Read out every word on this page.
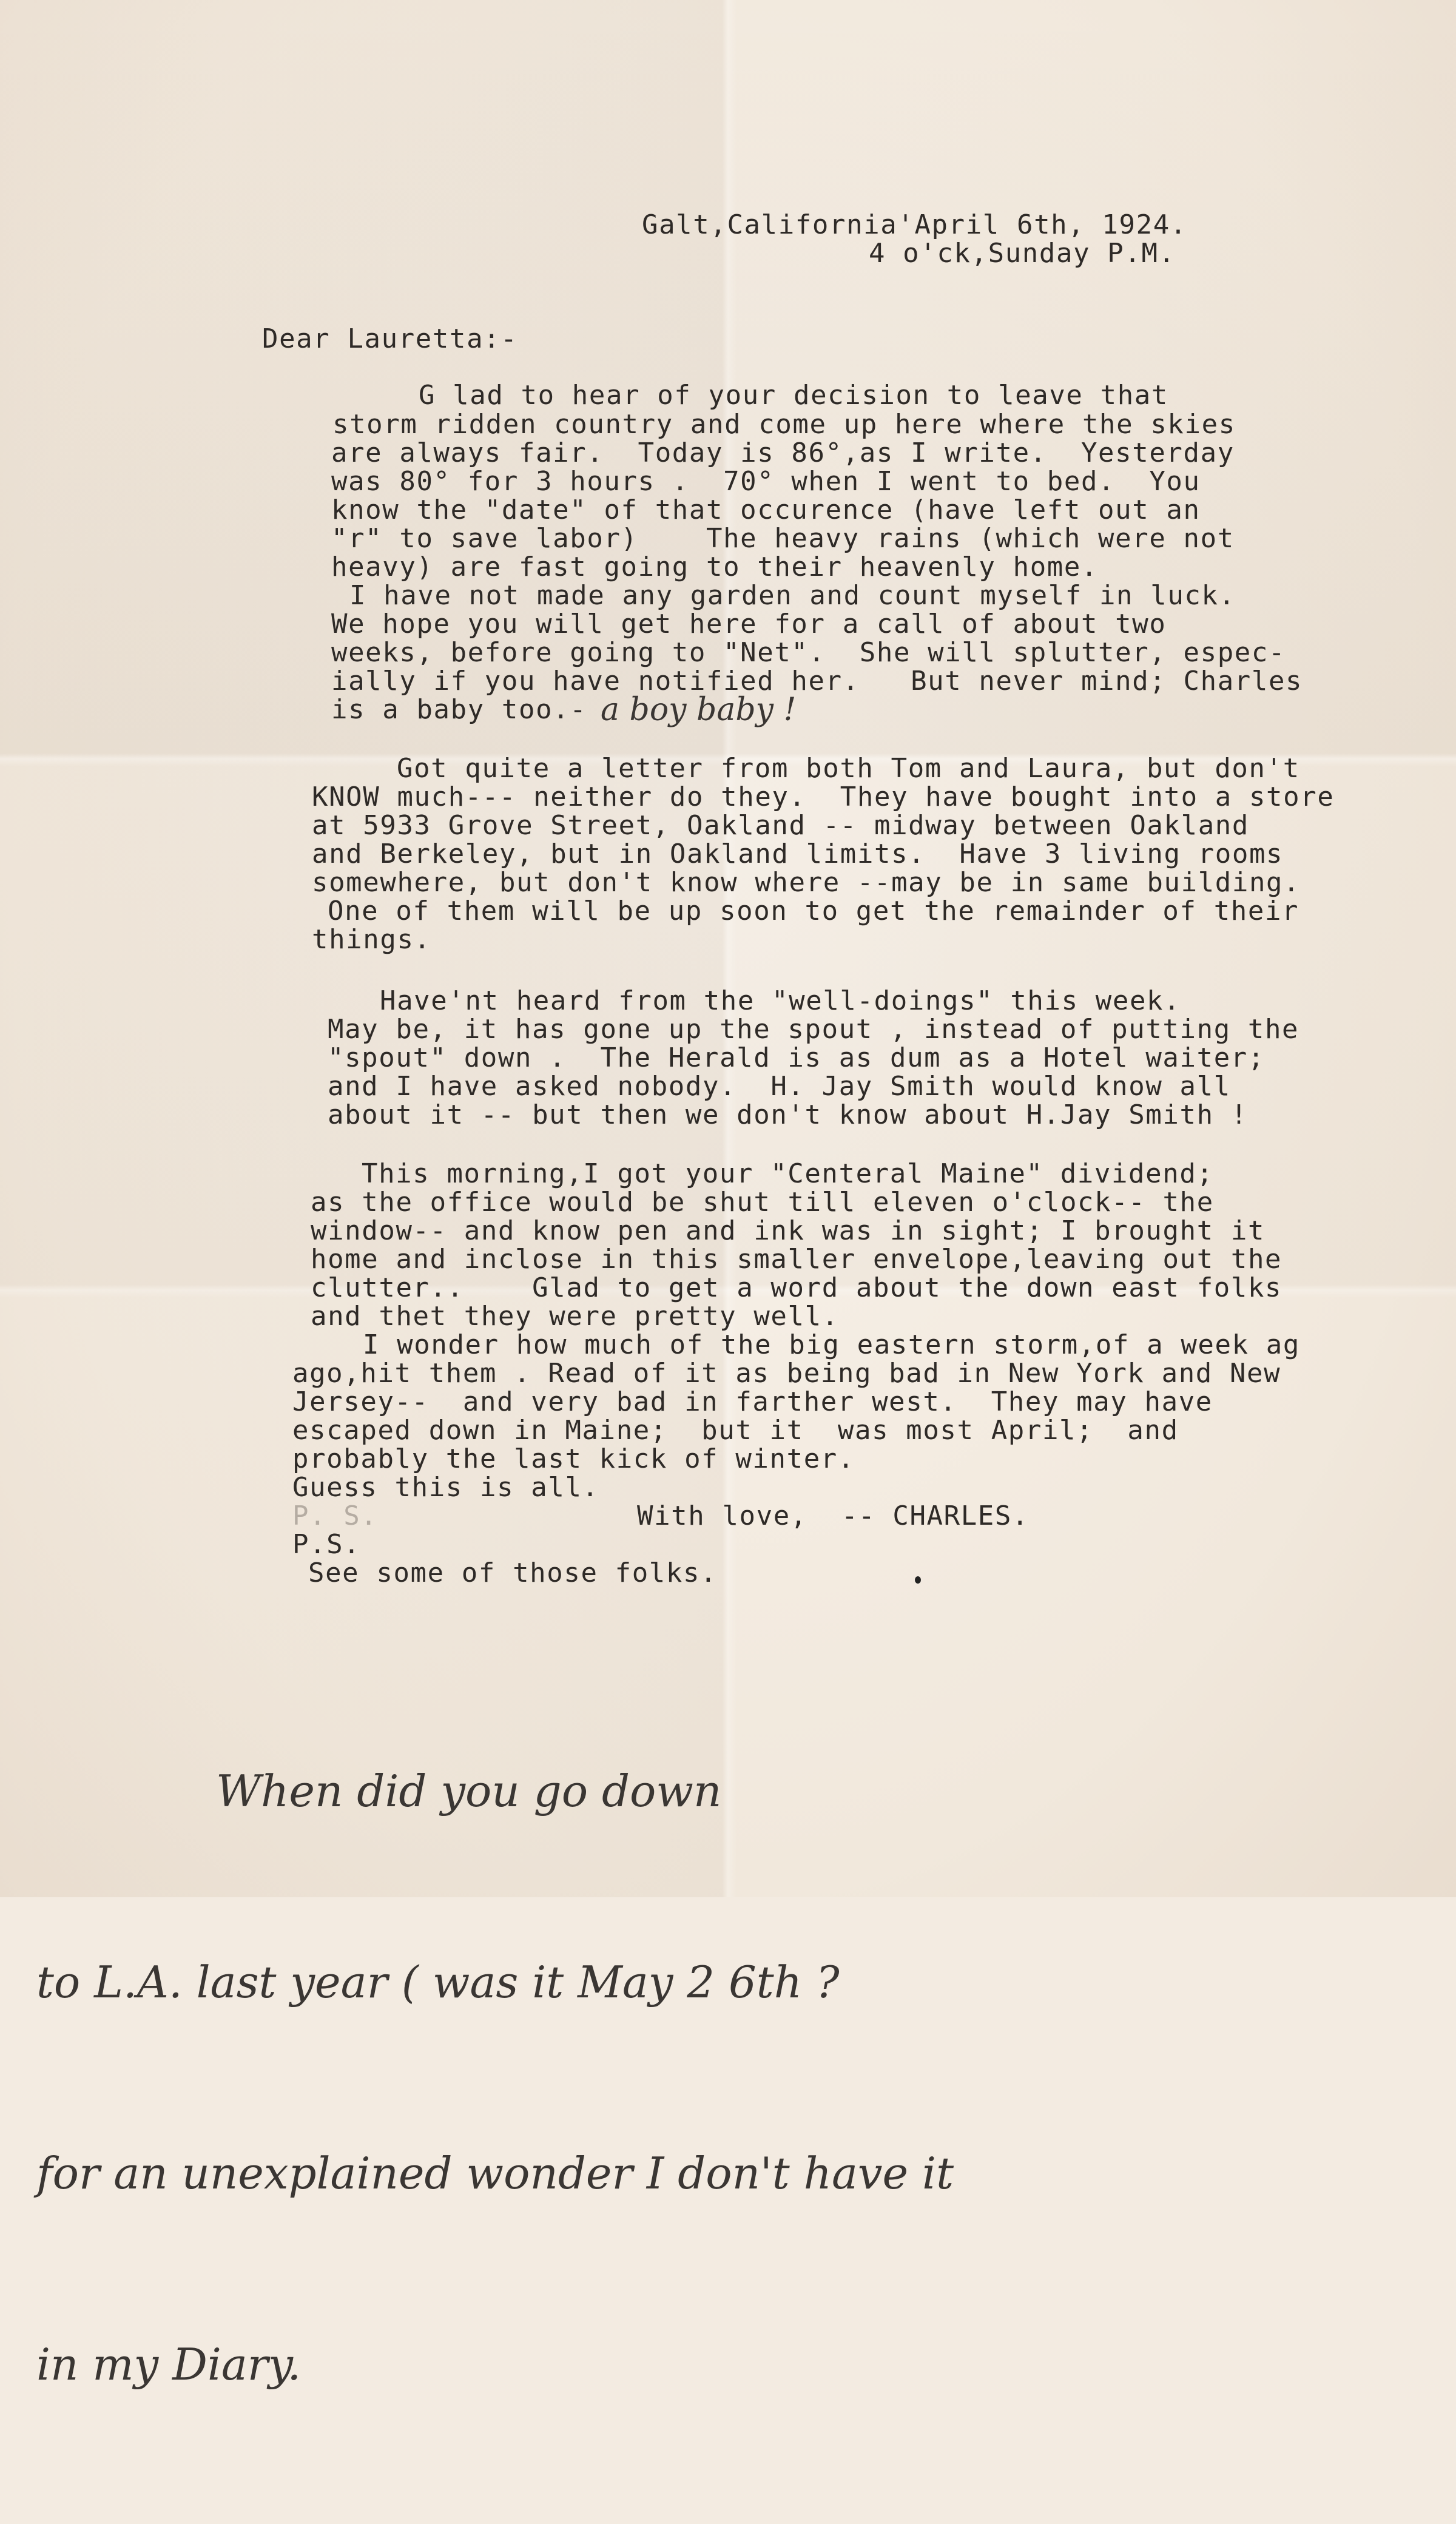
Galt,California'April 6th, 1924.

4 o'ck,Sunday P.M.

Dear Lauretta:-

G lad to hear of your decision to leave that

storm ridden country and come up here where the skies

are always fair.  Today is 86°,as I write.  Yesterday

was 80° for 3 hours .  70° when I went to bed.  You

know the "date" of that occurence (have left out an

"r" to save labor)    The heavy rains (which were not

heavy) are fast going to their heavenly home.

I have not made any garden and count myself in luck.

We hope you will get here for a call of about two

weeks, before going to "Net".  She will splutter, espec-

ially if you have notified her.   But never mind; Charles

is a baby too.- a boy baby !

Got quite a letter from both Tom and Laura, but don't

KNOW much--- neither do they.  They have bought into a store

at 5933 Grove Street, Oakland -- midway between Oakland

and Berkeley, but in Oakland limits.  Have 3 living rooms

somewhere, but don't know where --may be in same building.

One of them will be up soon to get the remainder of their

things.

Have'nt heard from the "well-doings" this week.

May be, it has gone up the spout , instead of putting the

"spout" down .  The Herald is as dum as a Hotel waiter;

and I have asked nobody.  H. Jay Smith would know all

about it -- but then we don't know about H.Jay Smith !

This morning,I got your "Centeral Maine" dividend;

as the office would be shut till eleven o'clock-- the

window-- and know pen and ink was in sight; I brought it

home and inclose in this smaller envelope,leaving out the

clutter..    Glad to get a word about the down east folks

and thet they were pretty well.

I wonder how much of the big eastern storm,of a week ag

ago,hit them . Read of it as being bad in New York and New

Jersey--  and very bad in farther west.  They may have

escaped down in Maine;  but it  was most April;  and

probably the last kick of winter.

Guess this is all.

P. S.	With love,  -- CHARLES.

P.S.

See some of those folks.

When did you go down

to L.A. last year ( was it May 2 6th ?

for an unexplained wonder I don't have it

in my Diary.
